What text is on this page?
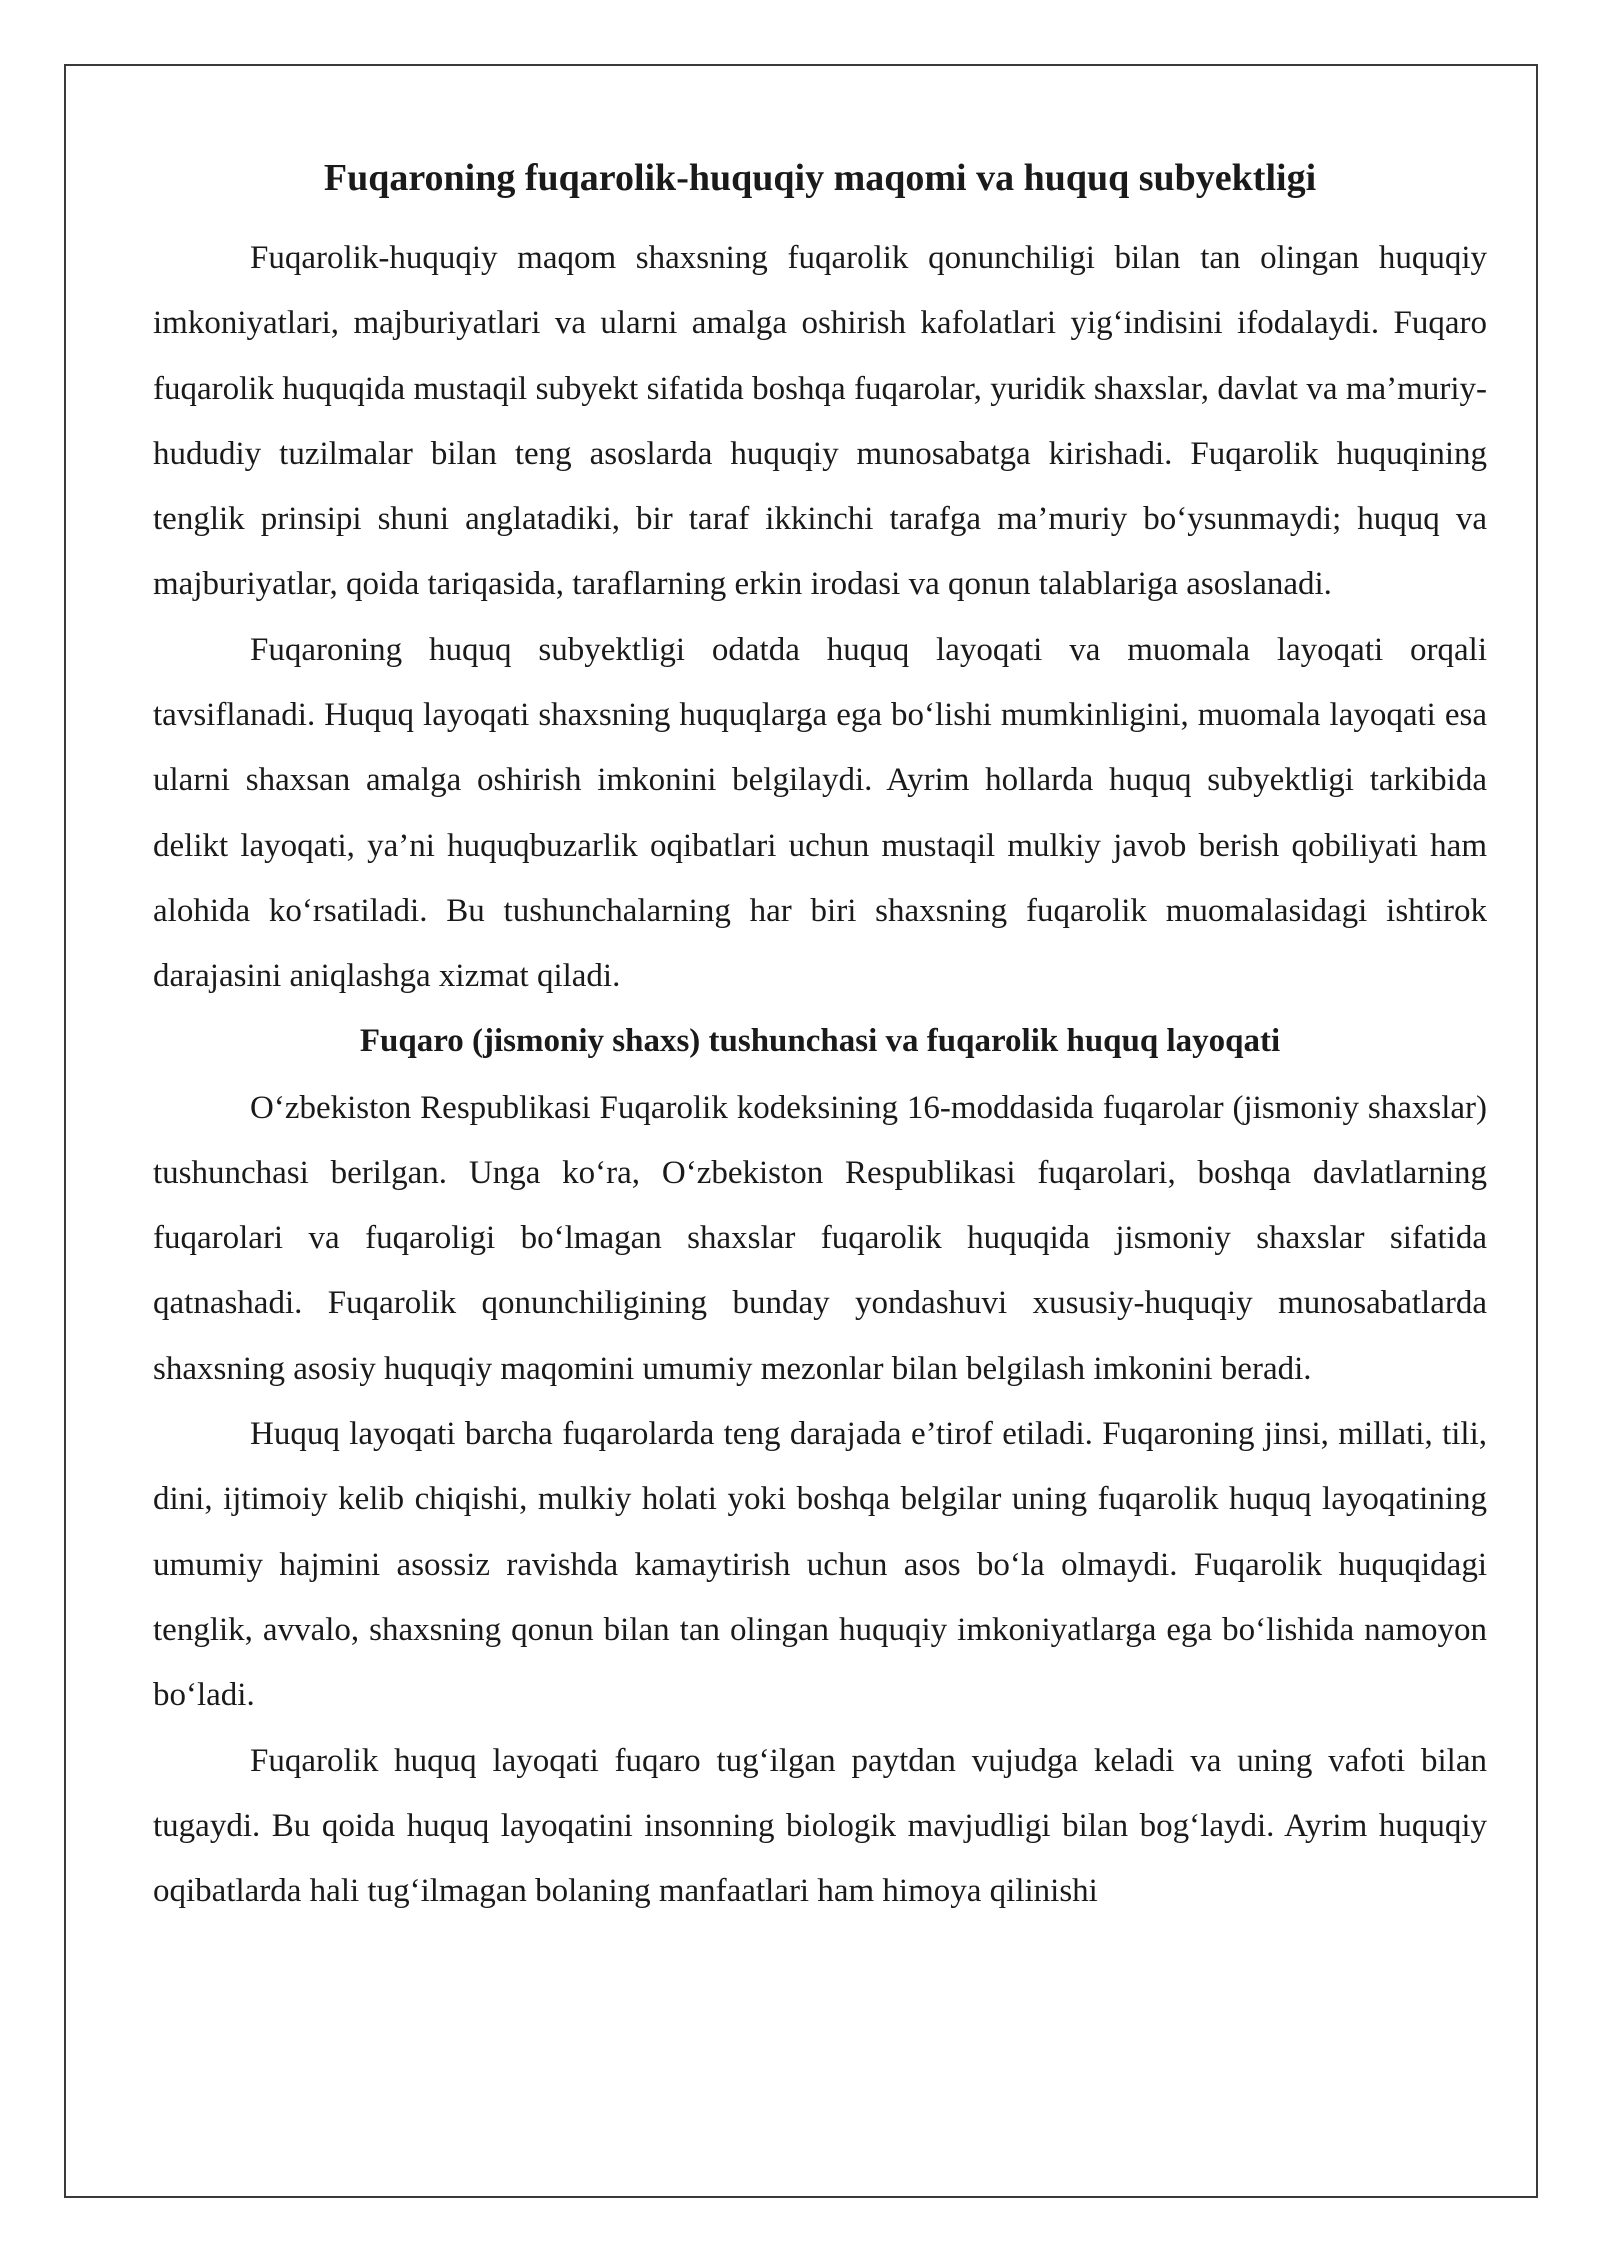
Fuqaroning fuqarolik-huquqiy maqomi va huquq subyektligi

Fuqarolik-huquqiy maqom shaxsning fuqarolik qonunchiligi bilan tan olingan huquqiy imkoniyatlari, majburiyatlari va ularni amalga oshirish kafolatlari yig‘indisini ifodalaydi. Fuqaro fuqarolik huquqida mustaqil subyekt sifatida boshqa fuqarolar, yuridik shaxslar, davlat va ma’muriy-hududiy tuzilmalar bilan teng asoslarda huquqiy munosabatga kirishadi. Fuqarolik huquqining tenglik prinsipi shuni anglatadiki, bir taraf ikkinchi tarafga ma’muriy bo‘ysunmaydi; huquq va majburiyatlar, qoida tariqasida, taraflarning erkin irodasi va qonun talablariga asoslanadi.

Fuqaroning huquq subyektligi odatda huquq layoqati va muomala layoqati orqali tavsiflanadi. Huquq layoqati shaxsning huquqlarga ega bo‘lishi mumkinligini, muomala layoqati esa ularni shaxsan amalga oshirish imkonini belgilaydi. Ayrim hollarda huquq subyektligi tarkibida delikt layoqati, ya’ni huquqbuzarlik oqibatlari uchun mustaqil mulkiy javob berish qobiliyati ham alohida ko‘rsatiladi. Bu tushunchalarning har biri shaxsning fuqarolik muomalasidagi ishtirok darajasini aniqlashga xizmat qiladi.

Fuqaro (jismoniy shaxs) tushunchasi va fuqarolik huquq layoqati

O‘zbekiston Respublikasi Fuqarolik kodeksining 16-moddasida fuqarolar (jismoniy shaxslar) tushunchasi berilgan. Unga ko‘ra, O‘zbekiston Respublikasi fuqarolari, boshqa davlatlarning fuqarolari va fuqaroligi bo‘lmagan shaxslar fuqarolik huquqida jismoniy shaxslar sifatida qatnashadi. Fuqarolik qonunchiligining bunday yondashuvi xususiy-huquqiy munosabatlarda shaxsning asosiy huquqiy maqomini umumiy mezonlar bilan belgilash imkonini beradi.

Huquq layoqati barcha fuqarolarda teng darajada e’tirof etiladi. Fuqaroning jinsi, millati, tili, dini, ijtimoiy kelib chiqishi, mulkiy holati yoki boshqa belgilar uning fuqarolik huquq layoqatining umumiy hajmini asossiz ravishda kamaytirish uchun asos bo‘la olmaydi. Fuqarolik huquqidagi tenglik, avvalo, shaxsning qonun bilan tan olingan huquqiy imkoniyatlarga ega bo‘lishida namoyon bo‘ladi.

Fuqarolik huquq layoqati fuqaro tug‘ilgan paytdan vujudga keladi va uning vafoti bilan tugaydi. Bu qoida huquq layoqatini insonning biologik mavjudligi bilan bog‘laydi. Ayrim huquqiy oqibatlarda hali tug‘ilmagan bolaning manfaatlari ham himoya qilinishi
